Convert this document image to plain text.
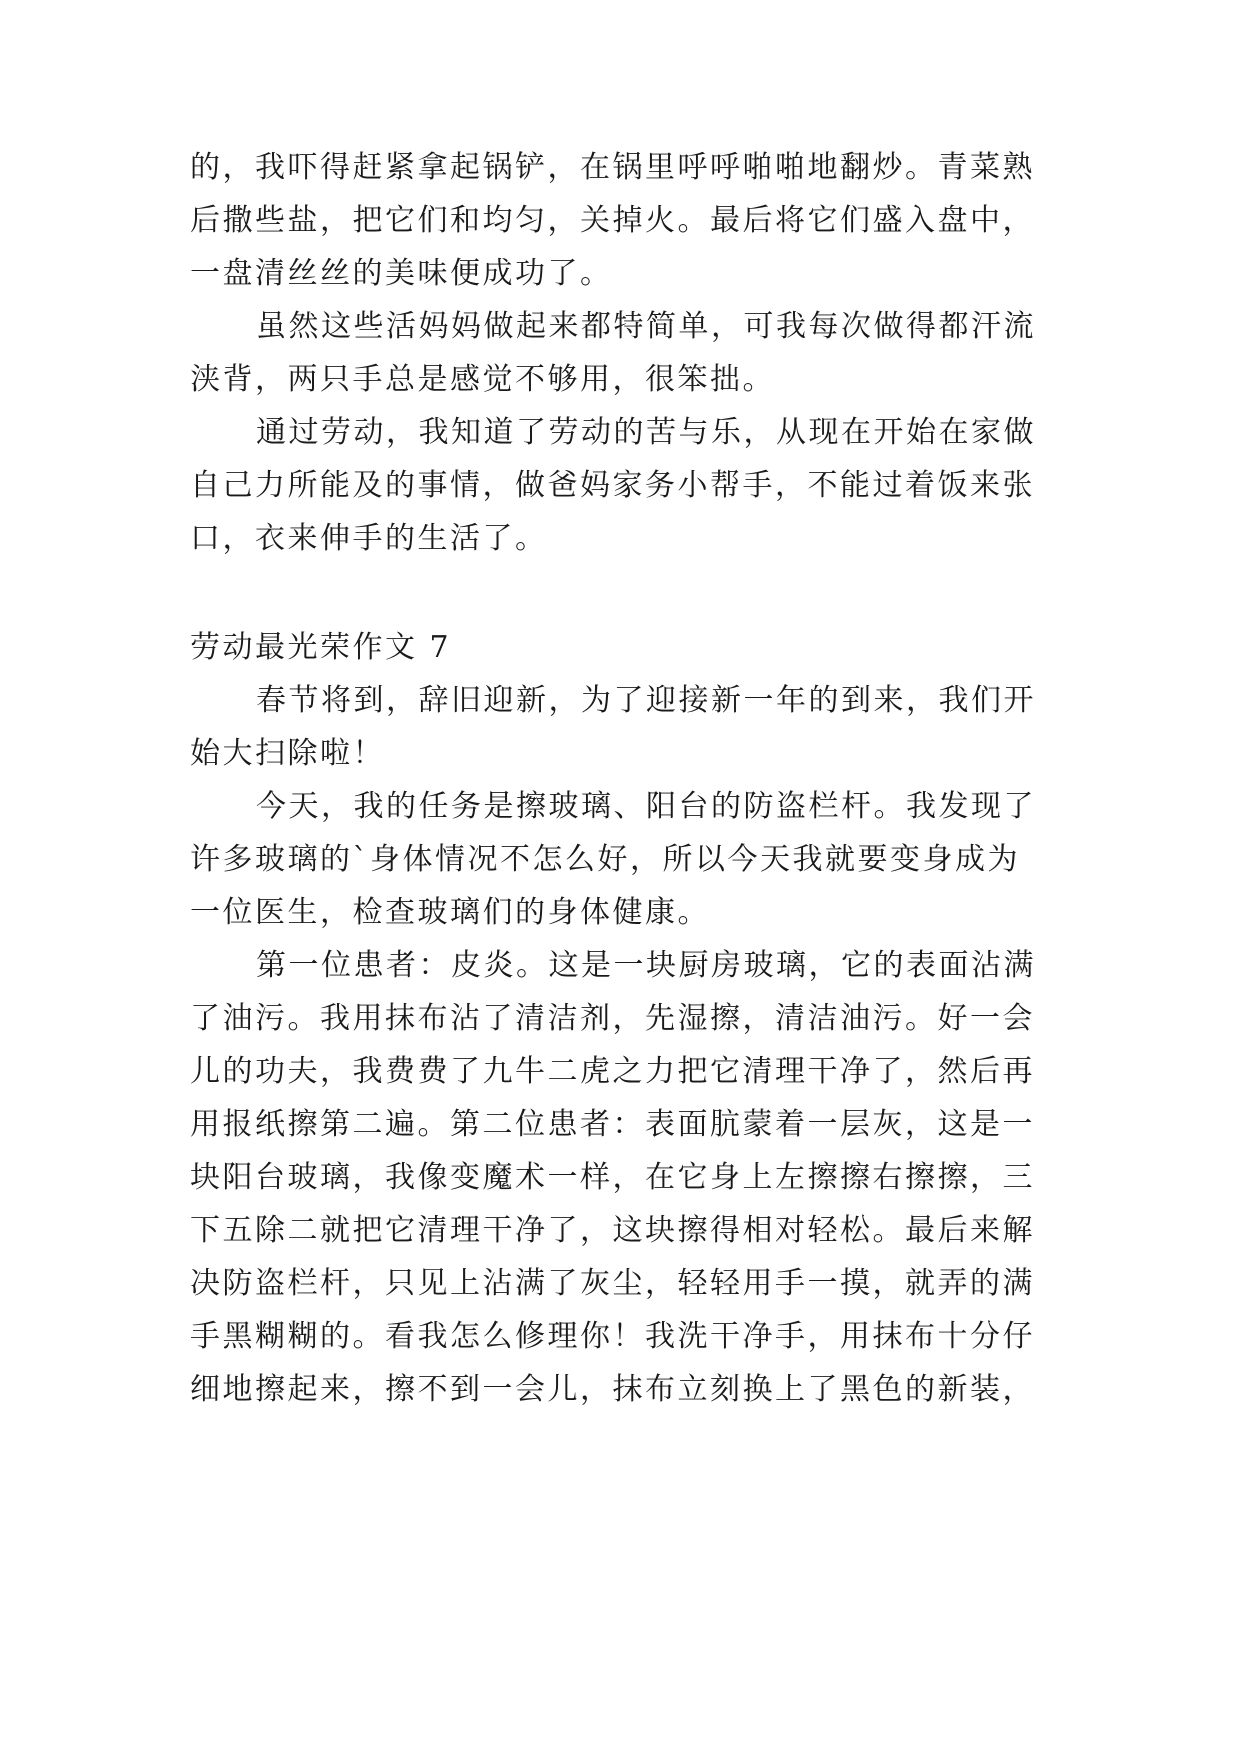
的，我吓得赶紧拿起锅铲，在锅里呼呼啪啪地翻炒。青菜熟
后撒些盐，把它们和均匀，关掉火。最后将它们盛入盘中，
一盘清丝丝的美味便成功了。
虽然这些活妈妈做起来都特简单，可我每次做得都汗流
浃背，两只手总是感觉不够用，很笨拙。
通过劳动，我知道了劳动的苦与乐，从现在开始在家做
自己力所能及的事情，做爸妈家务小帮手，不能过着饭来张
口，衣来伸手的生活了。
劳动最光荣作文 7
春节将到，辞旧迎新，为了迎接新一年的到来，我们开
始大扫除啦！
今天，我的任务是擦玻璃、阳台的防盗栏杆。我发现了
许多玻璃的`身体情况不怎么好，所以今天我就要变身成为
一位医生，检查玻璃们的身体健康。
第一位患者：皮炎。这是一块厨房玻璃，它的表面沾满
了油污。我用抹布沾了清洁剂，先湿擦，清洁油污。好一会
儿的功夫，我费费了九牛二虎之力把它清理干净了，然后再
用报纸擦第二遍。第二位患者：表面肮蒙着一层灰，这是一
块阳台玻璃，我像变魔术一样，在它身上左擦擦右擦擦，三
下五除二就把它清理干净了，这块擦得相对轻松。最后来解
决防盗栏杆，只见上沾满了灰尘，轻轻用手一摸，就弄的满
手黑糊糊的。看我怎么修理你！我洗干净手，用抹布十分仔
细地擦起来，擦不到一会儿，抹布立刻换上了黑色的新装，
